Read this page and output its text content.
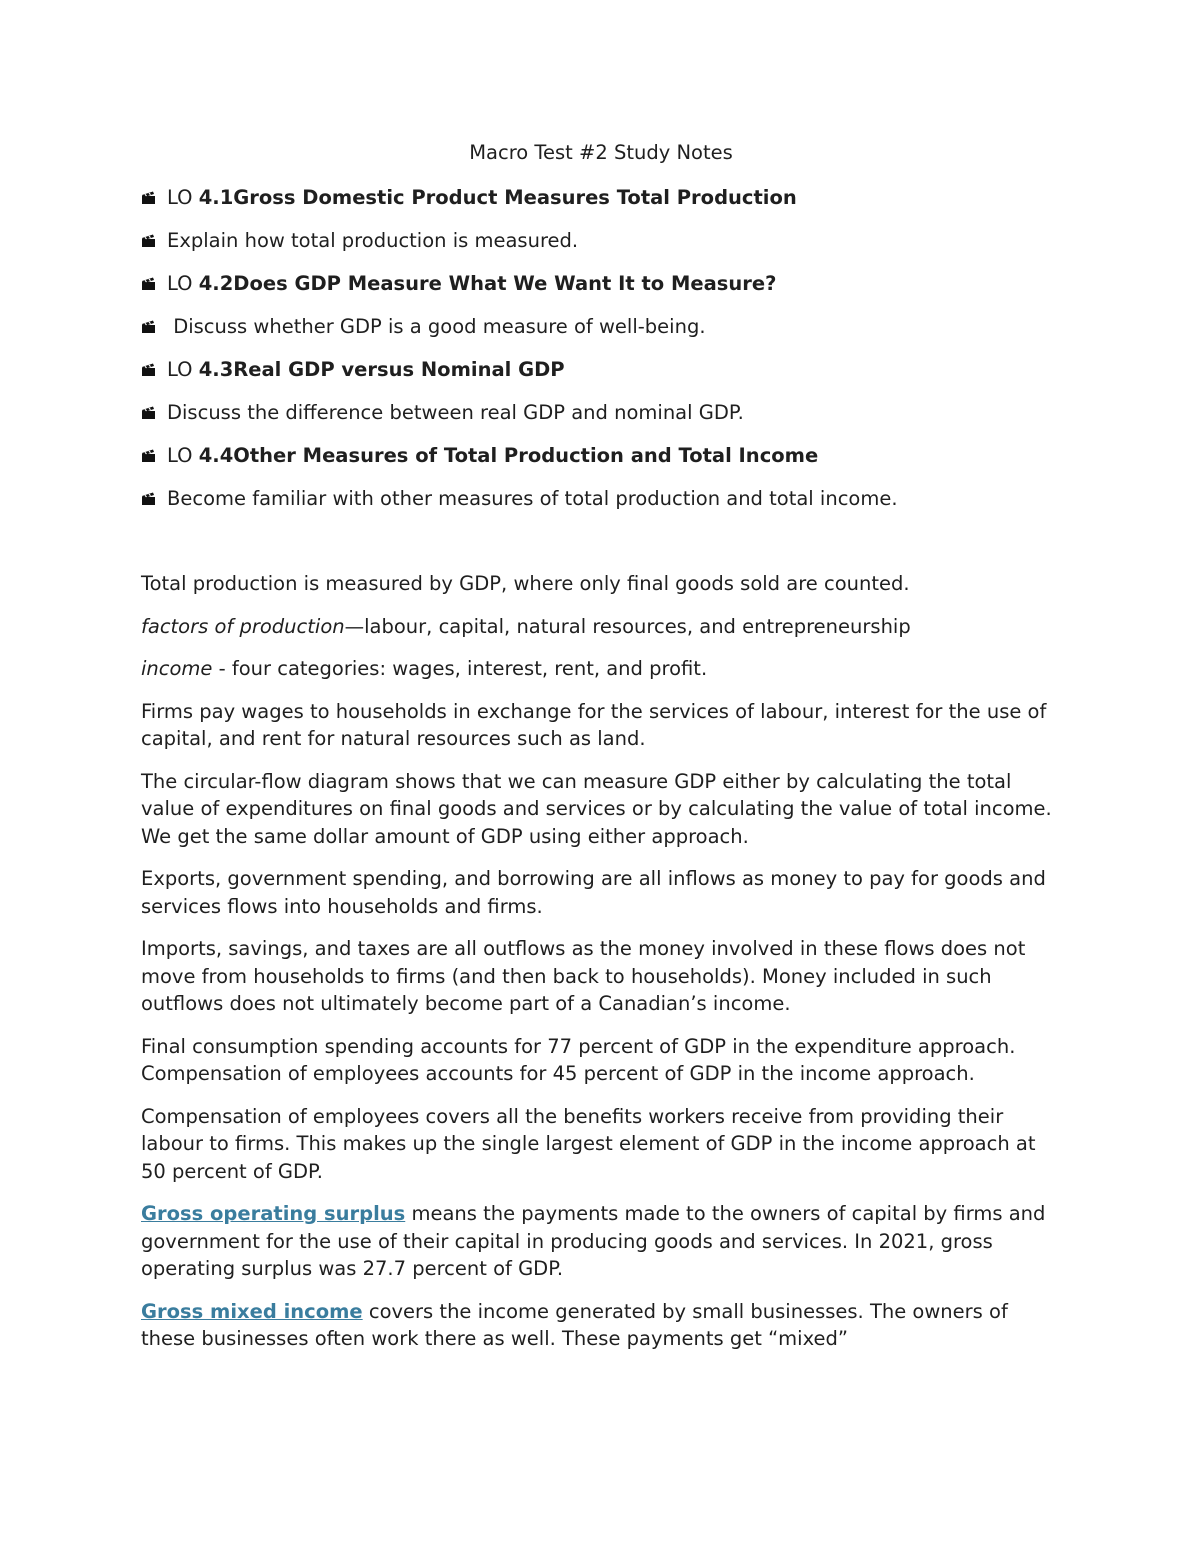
Macro Test #2 Study Notes
LO 4.1 Gross Domestic Product Measures Total Production
Explain how total production is measured.
LO 4.2 Does GDP Measure What We Want It to Measure?
Discuss whether GDP is a good measure of well-being.
LO 4.3 Real GDP versus Nominal GDP
Discuss the difference between real GDP and nominal GDP.
LO 4.4 Other Measures of Total Production and Total Income
Become familiar with other measures of total production and total income.

Total production is measured by GDP, where only final goods sold are counted.

factors of production—labour, capital, natural resources, and entrepreneurship

income - four categories: wages, interest, rent, and profit.

Firms pay wages to households in exchange for the services of labour, interest for the use of capital, and rent for natural resources such as land.

The circular-flow diagram shows that we can measure GDP either by calculating the total value of expenditures on final goods and services or by calculating the value of total income. We get the same dollar amount of GDP using either approach.

Exports, government spending, and borrowing are all inflows as money to pay for goods and services flows into households and firms.

Imports, savings, and taxes are all outflows as the money involved in these flows does not move from households to firms (and then back to households). Money included in such outflows does not ultimately become part of a Canadian’s income.

Final consumption spending accounts for 77 percent of GDP in the expenditure approach. Compensation of employees accounts for 45 percent of GDP in the income approach.

Compensation of employees covers all the benefits workers receive from providing their labour to firms. This makes up the single largest element of GDP in the income approach at 50 percent of GDP.

Gross operating surplus means the payments made to the owners of capital by firms and government for the use of their capital in producing goods and services. In 2021, gross operating surplus was 27.7 percent of GDP.

Gross mixed income covers the income generated by small businesses. The owners of these businesses often work there as well. These payments get “mixed”
